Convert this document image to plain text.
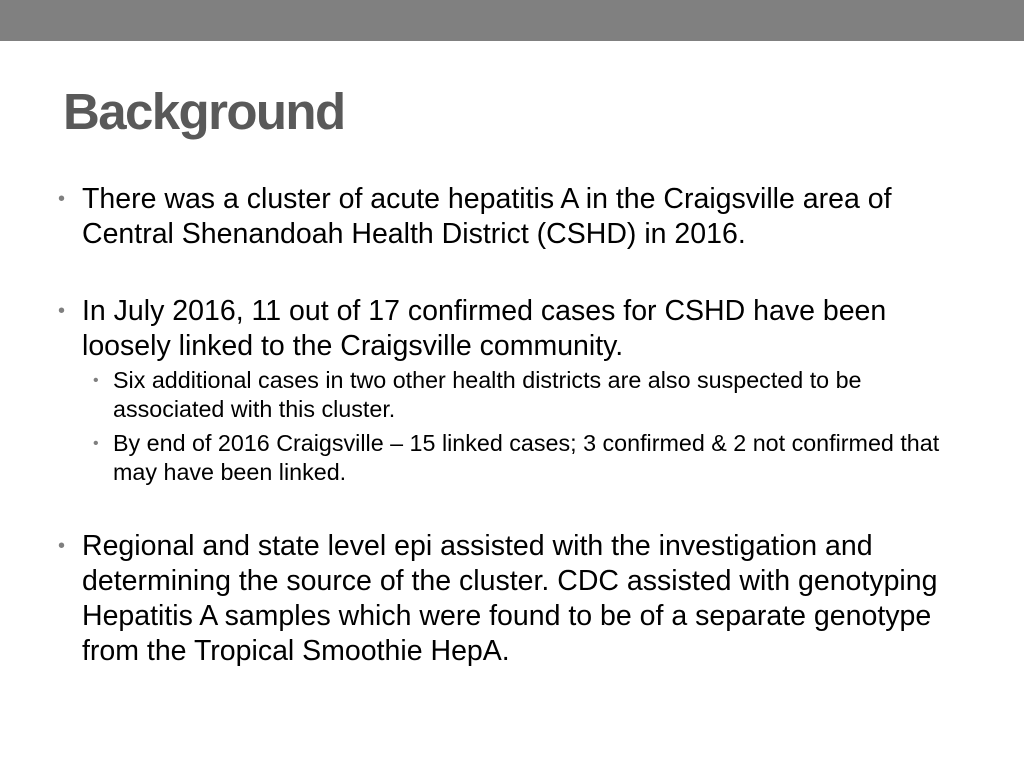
Background
• There was a cluster of acute hepatitis A in the Craigsville area of Central Shenandoah Health District (CSHD) in 2016.
• In July 2016, 11 out of 17 confirmed cases for CSHD have been loosely linked to the Craigsville community.
• Six additional cases in two other health districts are also suspected to be associated with this cluster.
• By end of 2016 Craigsville – 15 linked cases; 3 confirmed & 2 not confirmed that may have been linked.
• Regional and state level epi assisted with the investigation and determining the source of the cluster. CDC assisted with genotyping Hepatitis A samples which were found to be of a separate genotype from the Tropical Smoothie HepA.
